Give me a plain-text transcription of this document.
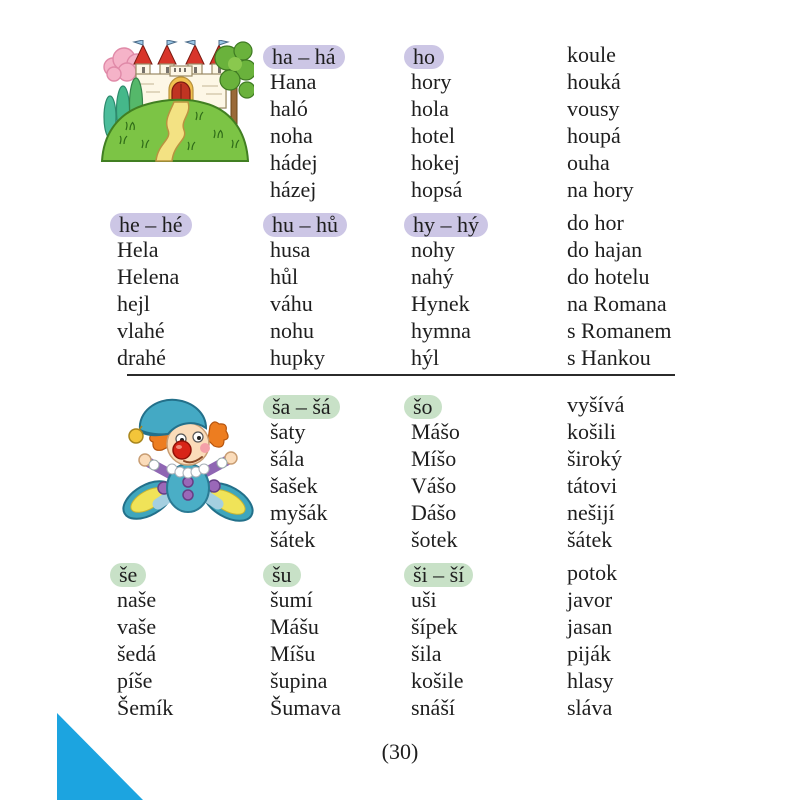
ha – há
Hana
haló
noha
hádej
házej
ho
hory
hola
hotel
hokej
hopsá
koule
houká
vousy
houpá
ouha
na hory
he – hé
Hela
Helena
hejl
vlahé
drahé
hu – hů
husa
hůl
váhu
nohu
hupky
hy – hý
nohy
nahý
Hynek
hymna
hýl
do hor
do hajan
do hotelu
na Romana
s Romanem
s Hankou
ša – šá
šaty
šála
šašek
myšák
šátek
šo
Mášo
Míšo
Vášo
Dášo
šotek
vyšívá
košili
široký
tátovi
nešijí
šátek
še
naše
vaše
šedá
píše
Šemík
šu
šumí
Mášu
Míšu
šupina
Šumava
ši – ší
uši
šípek
šila
košile
snáší
potok
javor
jasan
piják
hlasy
sláva
(30)
